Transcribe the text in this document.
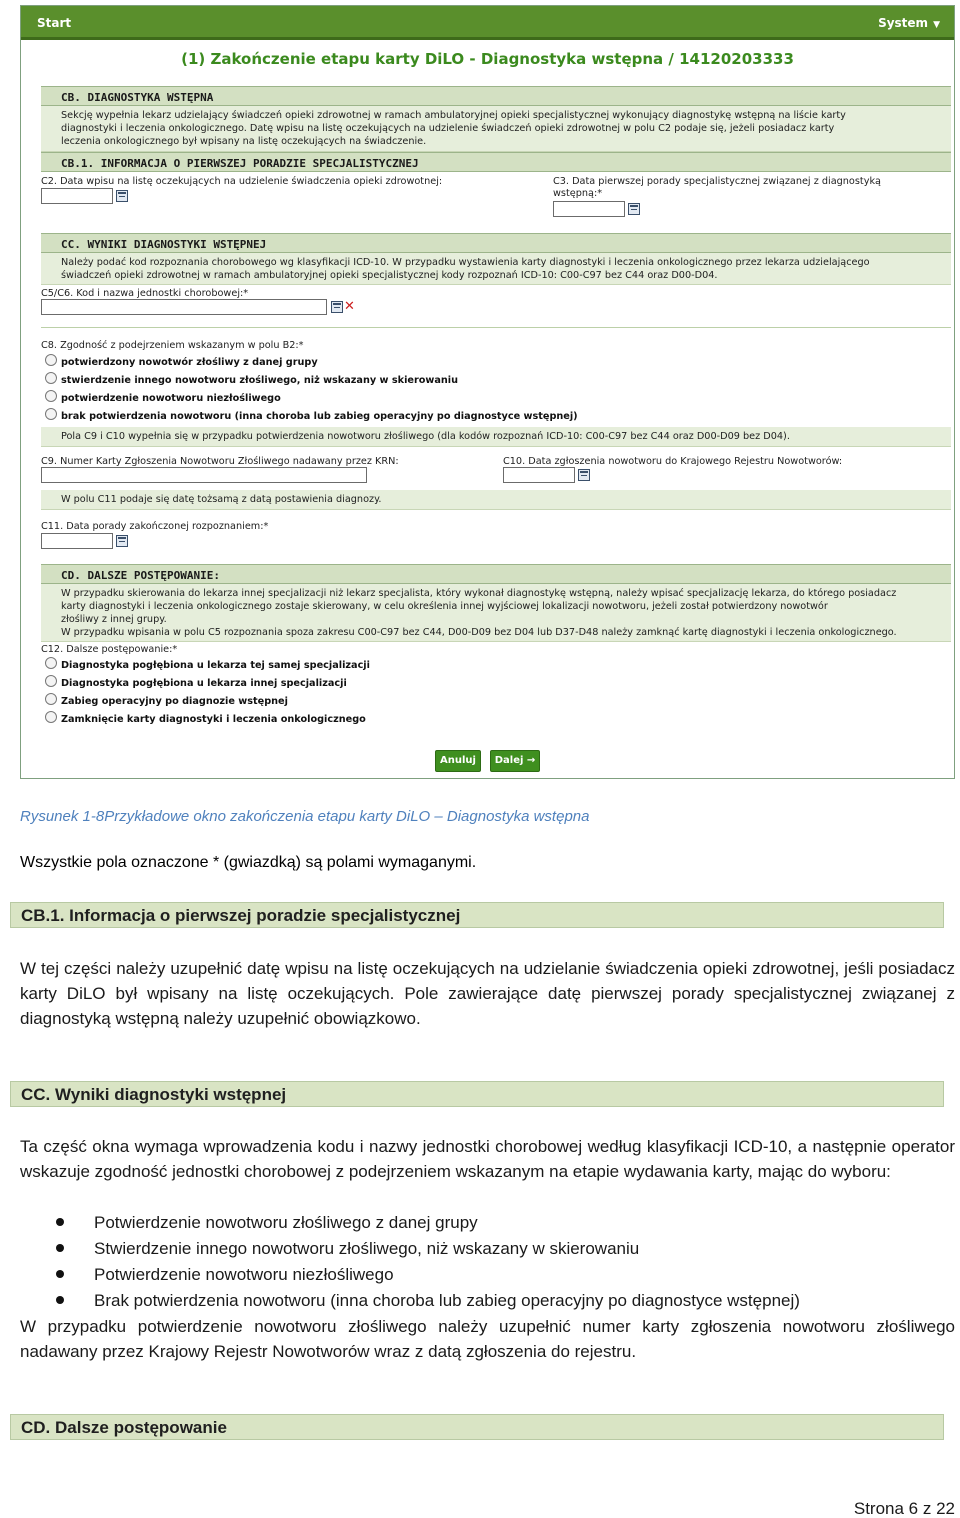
Start	System ▼
(1) Zakończenie etapu karty DiLO - Diagnostyka wstępna / 14120203333
CB. DIAGNOSTYKA WSTĘPNA
Sekcję wypełnia lekarz udzielający świadczeń opieki zdrowotnej w ramach ambulatoryjnej opieki specjalistycznej wykonujący diagnostykę wstępną na liście karty
diagnostyki i leczenia onkologicznego. Datę wpisu na listę oczekujących na udzielenie świadczeń opieki zdrowotnej w polu C2 podaje się, jeżeli posiadacz karty
leczenia onkologicznego był wpisany na listę oczekujących na świadczenie.
CB.1. INFORMACJA O PIERWSZEJ PORADZIE SPECJALISTYCZNEJ
C2. Data wpisu na listę oczekujących na udzielenie świadczenia opieki zdrowotnej:	C3. Data pierwszej porady specjalistycznej związanej z diagnostyką
wstępną:*
CC. WYNIKI DIAGNOSTYKI WSTĘPNEJ
Należy podać kod rozpoznania chorobowego wg klasyfikacji ICD-10. W przypadku wystawienia karty diagnostyki i leczenia onkologicznego przez lekarza udzielającego
świadczeń opieki zdrowotnej w ramach ambulatoryjnej opieki specjalistycznej kody rozpoznań ICD-10: C00-C97 bez C44 oraz D00-D04.
C5/C6. Kod i nazwa jednostki chorobowej:*
✕
C8. Zgodność z podejrzeniem wskazanym w polu B2:*
potwierdzony nowotwór złośliwy z danej grupy
stwierdzenie innego nowotworu złośliwego, niż wskazany w skierowaniu
potwierdzenie nowotworu niezłośliwego
brak potwierdzenia nowotworu (inna choroba lub zabieg operacyjny po diagnostyce wstępnej)
Pola C9 i C10 wypełnia się w przypadku potwierdzenia nowotworu złośliwego (dla kodów rozpoznań ICD-10: C00-C97 bez C44 oraz D00-D09 bez D04).
C9. Numer Karty Zgłoszenia Nowotworu Złośliwego nadawany przez KRN:	C10. Data zgłoszenia nowotworu do Krajowego Rejestru Nowotworów:
W polu C11 podaje się datę tożsamą z datą postawienia diagnozy.
C11. Data porady zakończonej rozpoznaniem:*
CD. DALSZE POSTĘPOWANIE:
W przypadku skierowania do lekarza innej specjalizacji niż lekarz specjalista, który wykonał diagnostykę wstępną, należy wpisać specjalizację lekarza, do którego posiadacz
karty diagnostyki i leczenia onkologicznego zostaje skierowany, w celu określenia innej wyjściowej lokalizacji nowotworu, jeżeli został potwierdzony nowotwór
złośliwy z innej grupy.
W przypadku wpisania w polu C5 rozpoznania spoza zakresu C00-C97 bez C44, D00-D09 bez D04 lub D37-D48 należy zamknąć kartę diagnostyki i leczenia onkologicznego.
C12. Dalsze postępowanie:*
Diagnostyka pogłębiona u lekarza tej samej specjalizacji
Diagnostyka pogłębiona u lekarza innej specjalizacji
Zabieg operacyjny po diagnozie wstępnej
Zamknięcie karty diagnostyki i leczenia onkologicznego
Anuluj	Dalej →
Rysunek 1-8Przykładowe okno zakończenia etapu karty DiLO – Diagnostyka wstępna
Wszystkie pola oznaczone * (gwiazdką) są polami wymaganymi.
CB.1. Informacja o pierwszej poradzie specjalistycznej
W tej części należy uzupełnić datę wpisu na listę oczekujących na udzielanie świadczenia opieki zdrowotnej, jeśli posiadacz karty DiLO był wpisany na listę oczekujących. Pole zawierające datę pierwszej porady specjalistycznej związanej z diagnostyką wstępną należy uzupełnić obowiązkowo.
CC. Wyniki diagnostyki wstępnej
Ta część okna wymaga wprowadzenia kodu i nazwy jednostki chorobowej według klasyfikacji ICD-10, a następnie operator wskazuje zgodność jednostki chorobowej z podejrzeniem wskazanym na etapie wydawania karty, mając do wyboru:
Potwierdzenie nowotworu złośliwego z danej grupy
Stwierdzenie innego nowotworu złośliwego, niż wskazany w skierowaniu
Potwierdzenie nowotworu niezłośliwego
Brak potwierdzenia nowotworu (inna choroba lub zabieg operacyjny po diagnostyce wstępnej)
W przypadku potwierdzenie nowotworu złośliwego należy uzupełnić numer karty zgłoszenia nowotworu złośliwego nadawany przez Krajowy Rejestr Nowotworów wraz z datą zgłoszenia do rejestru.
CD. Dalsze postępowanie
Strona 6 z 22
